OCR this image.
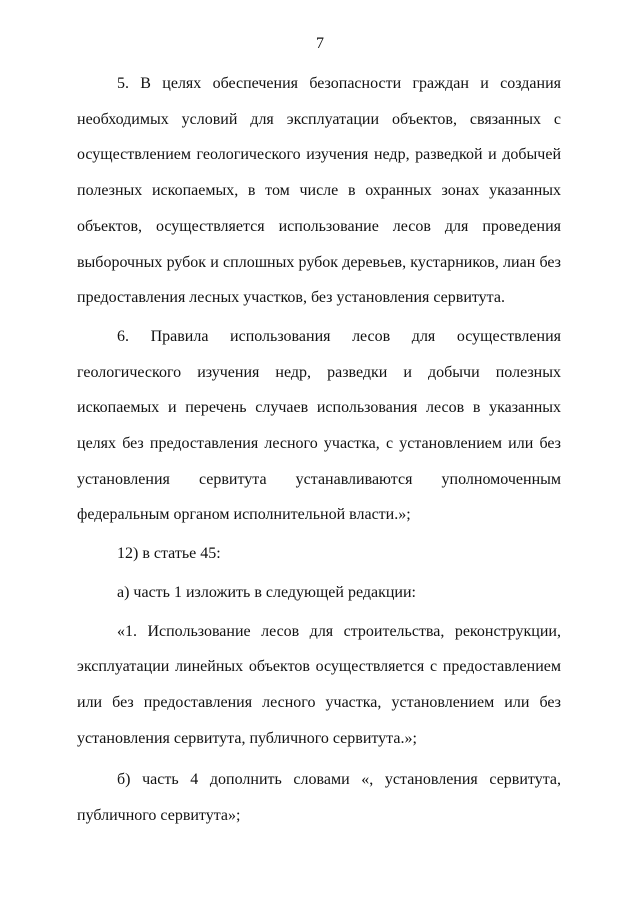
7

5. В целях обеспечения безопасности граждан и создания необходимых условий для эксплуатации объектов, связанных с осуществлением геологического изучения недр, разведкой и добычей полезных ископаемых, в том числе в охранных зонах указанных объектов, осуществляется использование лесов для проведения выборочных рубок и сплошных рубок деревьев, кустарников, лиан без предоставления лесных участков, без установления сервитута.

6. Правила использования лесов для осуществления геологического изучения недр, разведки и добычи полезных ископаемых и перечень случаев использования лесов в указанных целях без предоставления лесного участка, с установлением или без установления сервитута устанавливаются уполномоченным федеральным органом исполнительной власти.»;

12) в статье 45:

а) часть 1 изложить в следующей редакции:

«1. Использование лесов для строительства, реконструкции, эксплуатации линейных объектов осуществляется с предоставлением или без предоставления лесного участка, установлением или без установления сервитута, публичного сервитута.»;

б) часть 4 дополнить словами «, установления сервитута, публичного сервитута»;
